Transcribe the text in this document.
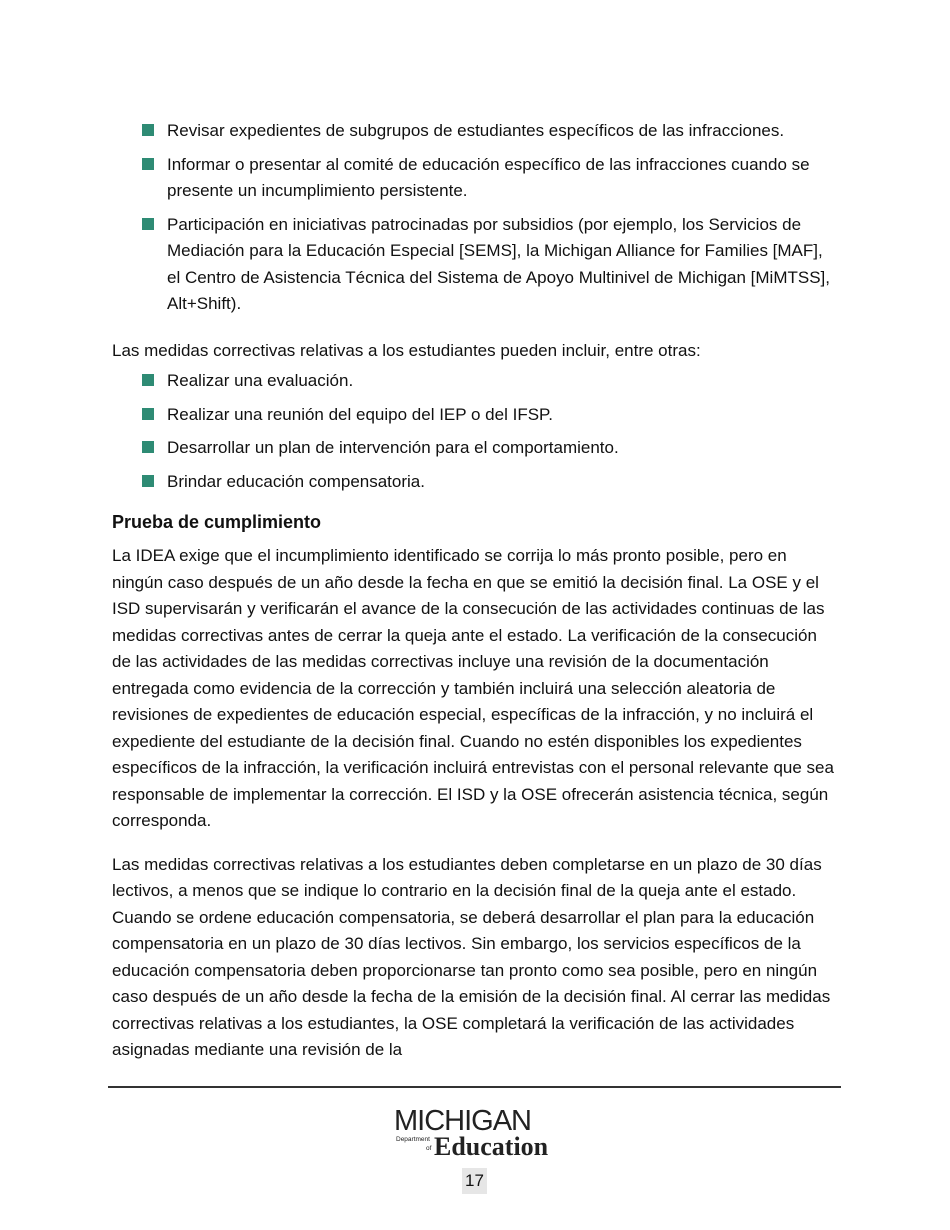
Revisar expedientes de subgrupos de estudiantes específicos de las infracciones.
Informar o presentar al comité de educación específico de las infracciones cuando se presente un incumplimiento persistente.
Participación en iniciativas patrocinadas por subsidios (por ejemplo, los Servicios de Mediación para la Educación Especial [SEMS], la Michigan Alliance for Families [MAF], el Centro de Asistencia Técnica del Sistema de Apoyo Multinivel de Michigan [MiMTSS], Alt+Shift).

Las medidas correctivas relativas a los estudiantes pueden incluir, entre otras:

Realizar una evaluación.
Realizar una reunión del equipo del IEP o del IFSP.
Desarrollar un plan de intervención para el comportamiento.
Brindar educación compensatoria.
Prueba de cumplimiento

La IDEA exige que el incumplimiento identificado se corrija lo más pronto posible, pero en ningún caso después de un año desde la fecha en que se emitió la decisión final. La OSE y el ISD supervisarán y verificarán el avance de la consecución de las actividades continuas de las medidas correctivas antes de cerrar la queja ante el estado. La verificación de la consecución de las actividades de las medidas correctivas incluye una revisión de la documentación entregada como evidencia de la corrección y también incluirá una selección aleatoria de revisiones de expedientes de educación especial, específicas de la infracción, y no incluirá el expediente del estudiante de la decisión final. Cuando no estén disponibles los expedientes específicos de la infracción, la verificación incluirá entrevistas con el personal relevante que sea responsable de implementar la corrección. El ISD y la OSE ofrecerán asistencia técnica, según corresponda.

Las medidas correctivas relativas a los estudiantes deben completarse en un plazo de 30 días lectivos, a menos que se indique lo contrario en la decisión final de la queja ante el estado. Cuando se ordene educación compensatoria, se deberá desarrollar el plan para la educación compensatoria en un plazo de 30 días lectivos. Sin embargo, los servicios específicos de la educación compensatoria deben proporcionarse tan pronto como sea posible, pero en ningún caso después de un año desde la fecha de la emisión de la decisión final. Al cerrar las medidas correctivas relativas a los estudiantes, la OSE completará la verificación de las actividades asignadas mediante una revisión de la

MICHIGAN
Department
of Education
17
